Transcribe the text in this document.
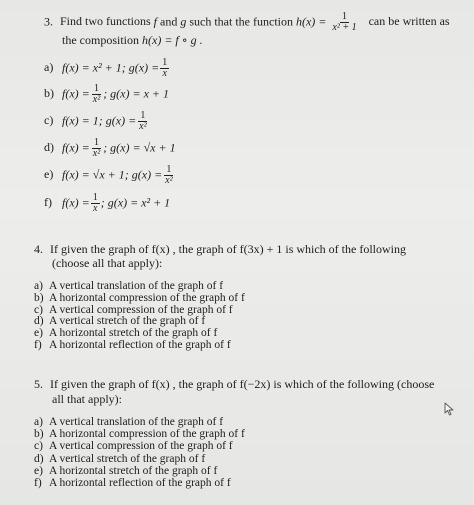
3. Find two functions f and g such that the function $h(x) = \frac{1}{\text{x² + 1}}$ can be written as
the composition h(x) = f ∘ g .
a) f(x) = x² + 1; $g(x) = \frac{1}{x}$
b) $f(x) = \frac{1}{\text{x²}}$ ; g(x) = x + 1
c) f(x) = 1; $g(x) = \frac{1}{\text{x²}}$
d) $f(x) = \frac{1}{\text{x²}}$ ; g(x) = √x + 1
e) f(x) = √x + 1; $g(x) = \frac{1}{\text{x²}}$
f) $f(x) = \frac{1}{x}$ ; g(x) = x² + 1
4. If given the graph of f(x) , the graph of f(3x) + 1 is which of the following
(choose all that apply):
a) A vertical translation of the graph of f
b) A horizontal compression of the graph of f
c) A vertical compression of the graph of f
d) A vertical stretch of the graph of f
e) A horizontal stretch of the graph of f
f) A horizontal reflection of the graph of f
5. If given the graph of f(x) , the graph of f(−2x) is which of the following (choose
all that apply):
a) A vertical translation of the graph of f
b) A horizontal compression of the graph of f
c) A vertical compression of the graph of f
d) A vertical stretch of the graph of f
e) A horizontal stretch of the graph of f
f) A horizontal reflection of the graph of f
